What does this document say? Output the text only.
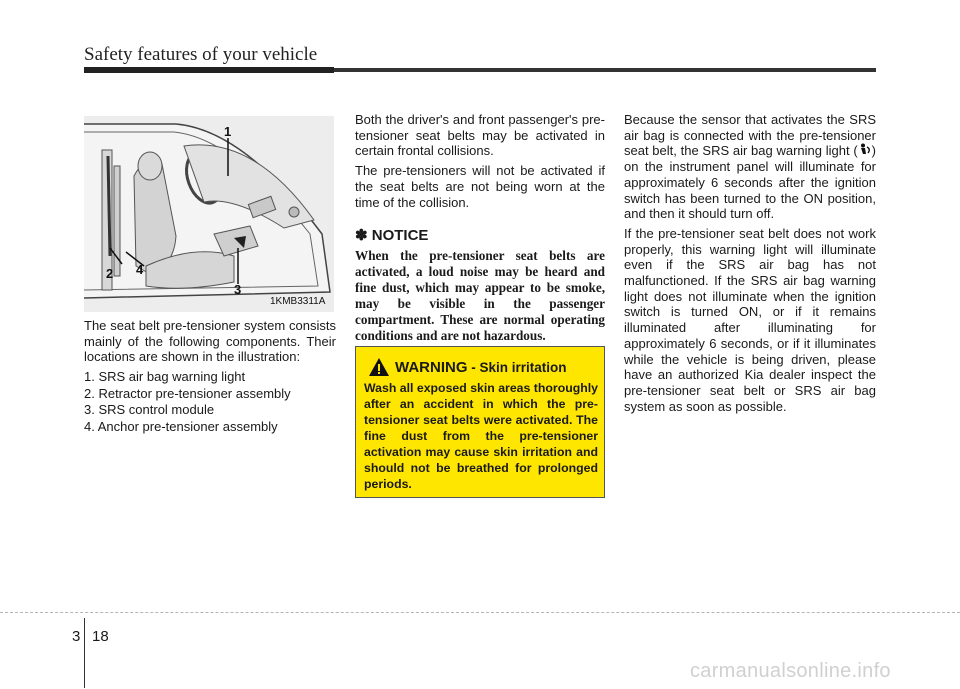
Safety features of your vehicle
1
2
3
4
1KMB3311A

The seat belt pre-tensioner system consists mainly of the following components. Their locations are shown in the illustration:

1. SRS air bag warning light
2. Retractor pre-tensioner assembly
3. SRS control module
4. Anchor pre-tensioner assembly

Both the driver's and front passenger's pre-tensioner seat belts may be activated in certain frontal collisions.

The pre-tensioners will not be activated if the seat belts are not being worn at the time of the collision.

✽ NOTICE
When the pre-tensioner seat belts are activated, a loud noise may be heard and fine dust, which may appear to be smoke, may be visible in the passenger compartment. These are normal operating conditions and are not hazardous.
WARNING - Skin irritation
Wash all exposed skin areas thoroughly after an accident in which the pre-tensioner seat belts were activated. The fine dust from the pre-tensioner activation may cause skin irritation and should not be breathed for prolonged periods.

Because the sensor that activates the SRS air bag is connected with the pre-tensioner seat belt, the SRS air bag warning light ( ) on the instrument panel will illuminate for approximately 6 seconds after the ignition switch has been turned to the ON position, and then it should turn off.

If the pre-tensioner seat belt does not work properly, this warning light will illuminate even if the SRS air bag has not malfunctioned. If the SRS air bag warning light does not illuminate when the ignition switch is turned ON, or if it remains illuminated after illuminating for approximately 6 seconds, or if it illuminates while the vehicle is being driven, please have an authorized Kia dealer inspect the pre-tensioner seat belt or SRS air bag system as soon as possible.

3 18
carmanualsonline.info
